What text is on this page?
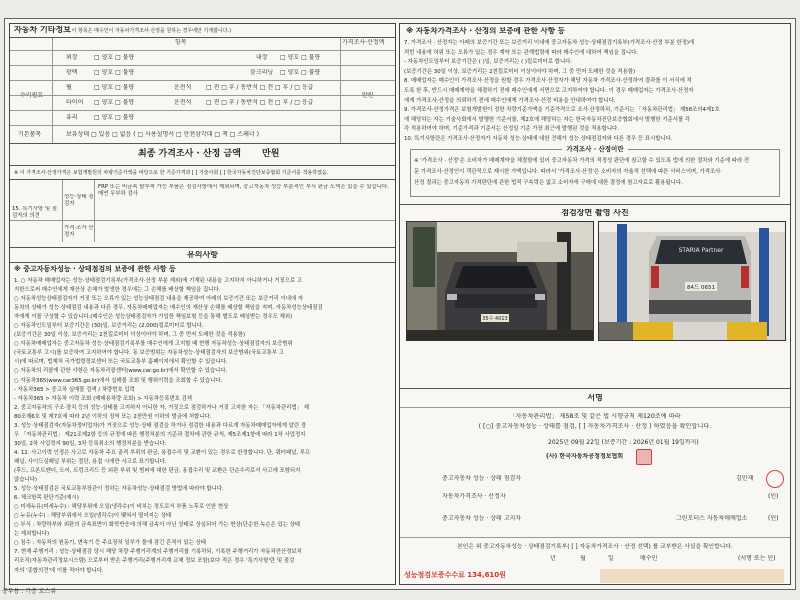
자동차 기타정보
( 이 항목은 매수인이 자동차가격조사·산정을 원하는 경우에만 기재합니다.)
항목	가격조사·산정액
수리필요	만원
외장	□ 양호 □ 불량	내장 □ 양호 □ 불량
광택	□ 양호 □ 불량	룸크리닝 □ 양호 □ 불량
휠	□ 양호 □ 불량	운전석 □ 전 □ 후 / 동반석 □ 전 □ 후 / □ 응급
타이어 □ 양호 □ 불량	운전석 □ 전 □ 후 / 동반석 □ 전 □ 후 / □ 응급
유리	□ 양호 □ 불량
기본품목	보유상태 □ 있음 □ 없음 ( □ 사용설명서 □ 안전삼각대 □ 잭 □ 스페너 )
최종 가격조사 · 산정 금액 만원
※ 이 가격조사·산정가격은 보험개발원의 차량기준가액을 바탕으로 한 기준가격과 [ ] 기술사회 [ ] 한국자동차진단보증협회 기준서를 적용하였음.
15. 특기사항 및 점검자의 의견
성능·상태 점검자
FRP 또는 비금속 탈부착 가능 부품은 점검사항에서 제외되며, 중고자동차 성능 부분적인 부식 판금 도색은 있을 수 있습니다. 매연 무부하 검사
가격·조사 산정자
유의사항
※ 중고자동차성능 · 상태점검의 보증에 관한 사항 등
1. ○ 자동차 매매업자는 성능·상태점검기록부(가격조사·산정 부분 제외)에 기재된 내용을 고지하지 아니하거나 거짓으로 고
지한으로써 매수인에게 재산상 손해가 발생한 경우에는 그 손해를 배상할 책임을 집니다.
○ 자동차성능상태점검자가 거짓 또는 오류가 있는 성능상태점검 내용을 제공하여 아래의 보증기간 또는 보증거리 이내에 자
동차의 상태가 성능·상태점검 내용과 다른 경우, 자동차매매업자는 매수인의 재산상 손해를 배상할 책임을 지며, 자동차성능상태점검
자에게 이를 구상할 수 있습니다.(매수인은 성능상태점검자가 가입한 책임보험 등을 통해 별도로 배상받는 경우도 제외)
○ 자동차인도일부터 보증기간은 (30)일, 보증거리는 (2,000)킬로미터로 합니다.
(보증기간은 30일 이상, 보증거리는 2천킬로미터 이상이어야 하며, 그 중 먼저 도래한 것을 적용함)
○ 자동차매매업자는 중고자동차 성능·상태점검기록부를 매수인에게 고지할 때 현행 자동차성능·상태점검자의 보증범위
(국토교통부 고시)를 보증하여 고지하여야 합니다. 동 보증범위는 자동차성능·상태점검자의 보증범위(국토교통부 고
시)에 따르며, 법제처 국가법령정보센터 또는 국토교통부 홈페이지에서 확인할 수 있습니다.
○ 자동차의 리콜에 관한 사항은 자동차리콜센터(www.car.go.kr)에서 확인할 수 있습니다.
○ 자동차365(www.car365.go.kr)에서 실매물 조회 및 행위이력을 조회할 수 있습니다.
- 자동차365 > 중고차 실매물 검색 / 차량번호 입력
- 자동차365 > 자동차 이력 조회 (매매용차량 조회) > 자동차등록번호 검색
2. 중고자동차의 구조·장치 등의 성능·상태를 고지하지 아니한 자, 거짓으로 점검하거나 거짓 고지한 자는 「자동차관리법」 제
80조제6호 및 제7호에 따라 2년 이하의 징역 또는 2천만원 이하의 벌금에 처합니다.
3. 성능·상태점검자(자동차정비업자)가 거짓으로 성능·상태 점검을 하거나 점검한 내용과 다르게 자동차매매업자에게 알린 경
우 「자동차관리법」 제21조제2항 등의 규정에 따른 행정처분의 기준과 절차에 관한 규칙, 제5조제1항에 따라 1차 사업정지
30일, 2차 사업정지 90일, 3차 등록취소의 행정처분을 받습니다.
4. 12. 사고이력 인정은 사고로 자동차 주요 골격 부위의 판금, 용접수리 및 교환이 있는 경우로 한정합니다. 단, 쿼터패널, 루프
패널, 사이드실패널 부위는 절단, 용접 시에만 사고로 표기합니다.
(후드, 프론트펜더, 도어, 트렁크리드 등 외판 부위 및 범퍼에 대한 판금, 용접수리 및 교환은 단순수리로서 사고에 포함되지
않습니다)
5. 성능·상태점검은 국토교통부장관이 정하는 자동차성능·상태점검 방법에 따라야 합니다.
6. 체크항목 판단기준(예시)
○ 미세누유(미세누수) : 해당부위에 오일(냉각수)이 비치는 정도로서 부품 노후로 인한 현상
○ 누유(누수) : 해당부위에서 오일(냉각수)이 맺혀서 떨어지는 상태
○ 부식 : 차량하부와 외판의 금속표면이 화학반응에 의해 금속이 아닌 상태로 상실되어 가는 현상(단순한 녹슨은 있는 상태
는 제외합니다)
○ 침수 : 자동차의 원동기, 변속기 등 주요장치 일부가 물에 잠긴 흔적이 있는 상태
7. 현재 주행거리 : 성능·상태점검 당시 해당 차량 주행거리계의 주행거리를 기록하되, 기록한 주행거리가 자동차전산정보처
리조직(자동차관리정보시스템) 으로부터 받은 주행거리(주행거리계 교체 정보 포함)보다 적은 경우 '특기사항'란 및 점검
자의 '종합의견'에 이를 적어야 합니다.
※ 자동차가격조사 · 산정의 보증에 관한 사항 등
7. 가격조사 · 산정자는 아래의 보증기간 또는 보증거리 이내에 중고자동차 성능·상태점검기록부(가격조사·산정 부분 한정)에
적힌 내용에 허위 또는 오류가 있는 경우 계약 또는 관계법령에 따라 매수인에 대하여 책임을 집니다.
- 자동차인도일부터 보증기간은 ( )일, 보증거리는 ( )킬로미터로 합니다.
(보증기간은 30일 이상, 보증거리는 2천킬로미터 이상이어야 하며, 그 중 먼저 도래한 것을 적용함)
8. 매매업자는 매수인이 가격조사·산정을 원할 경우 가격조사·산정자가 해당 자동차 가격조사·산정하여 결과를 이 서식에 적
도록 한 후, 반드시 매매계약을 체결하기 전에 매수인에게 서면으로 고지하여야 합니다. 이 경우 매매업자는 가격조사·산정자
에게 가격조사·산정을 의뢰하기 전에 매수인에게 가격조사·산정 비용을 안내하여야 합니다.
9. 가격조사·산정가격은 보험개발원이 정한 차량기준가액을 기준가격으로 조사·산정하되, 기준서는 「자동차관리법」 제58조의4제1호
에 해당하는 자는 기술사회에서 발행한 기준서를, 제2호에 해당하는 자는 한국자동차진단보증협회에서 발행한 기준서를 각
각 적용하여야 하며, 기준가격과 기준서는 산정일 기준 가장 최근에 발행된 것을 적용합니다.
10. 특기사항란은 가격조사·산정자가 자동차 성능·상태에 대한 견해가 성능·상태점검자와 다른 경우 등 표시합니다.
가격조사 · 산정이란
※ '가격조사 · 산정'은 소비자가 매매계약을 체결함에 있어 중고자동차 가격의 적정성 판단에 참고할 수 있도록 법에 의한 절차와 기준에 따라 전
문 가격조사·산정인이 객관적으로 제시한 가액입니다. 따라서 '가격조사·산정'은 소비자의 자율적 선택에 따른 서비스이며, 가격조사·
산정 결과는 중고자동차 가격판단에 관한 법적 구속력은 없고 소비자에 구매에 대한 결정에 참고자료로 활용됩니다.
점검장면 촬영 사진
35수 4013
STARIA Partner
84드 0651
서명
「자동차관리법」 제58조 및 같은 법 시행규칙 제120조에 따라
( [○] 중고자동차성능 · 상태를 점검, [ ] 자동차가격조사 · 산정 ) 하였음을 확인합니다.
2025년 09월 22일 (보증기간 : 2026년 01월 19일까지)
(사) 한국자동차공정정보협회
중고자동차 성능 · 상태 점검자	김민재
자동차가격조사 · 산정자	(인)
중고자동차 성능 · 상태 고지자	그린모터스 자동차매매업소	(인)
본인은 위 중고자동차성능 · 상태점검기록부( [ ] 자동차가격조사 · 산정 선택) 를 교부받은 사실을 확인합니다.
년	월	일	매수인	(서명 또는 인)
성능점검보증수수료 134,610원
공부용 : 기증 호스류
